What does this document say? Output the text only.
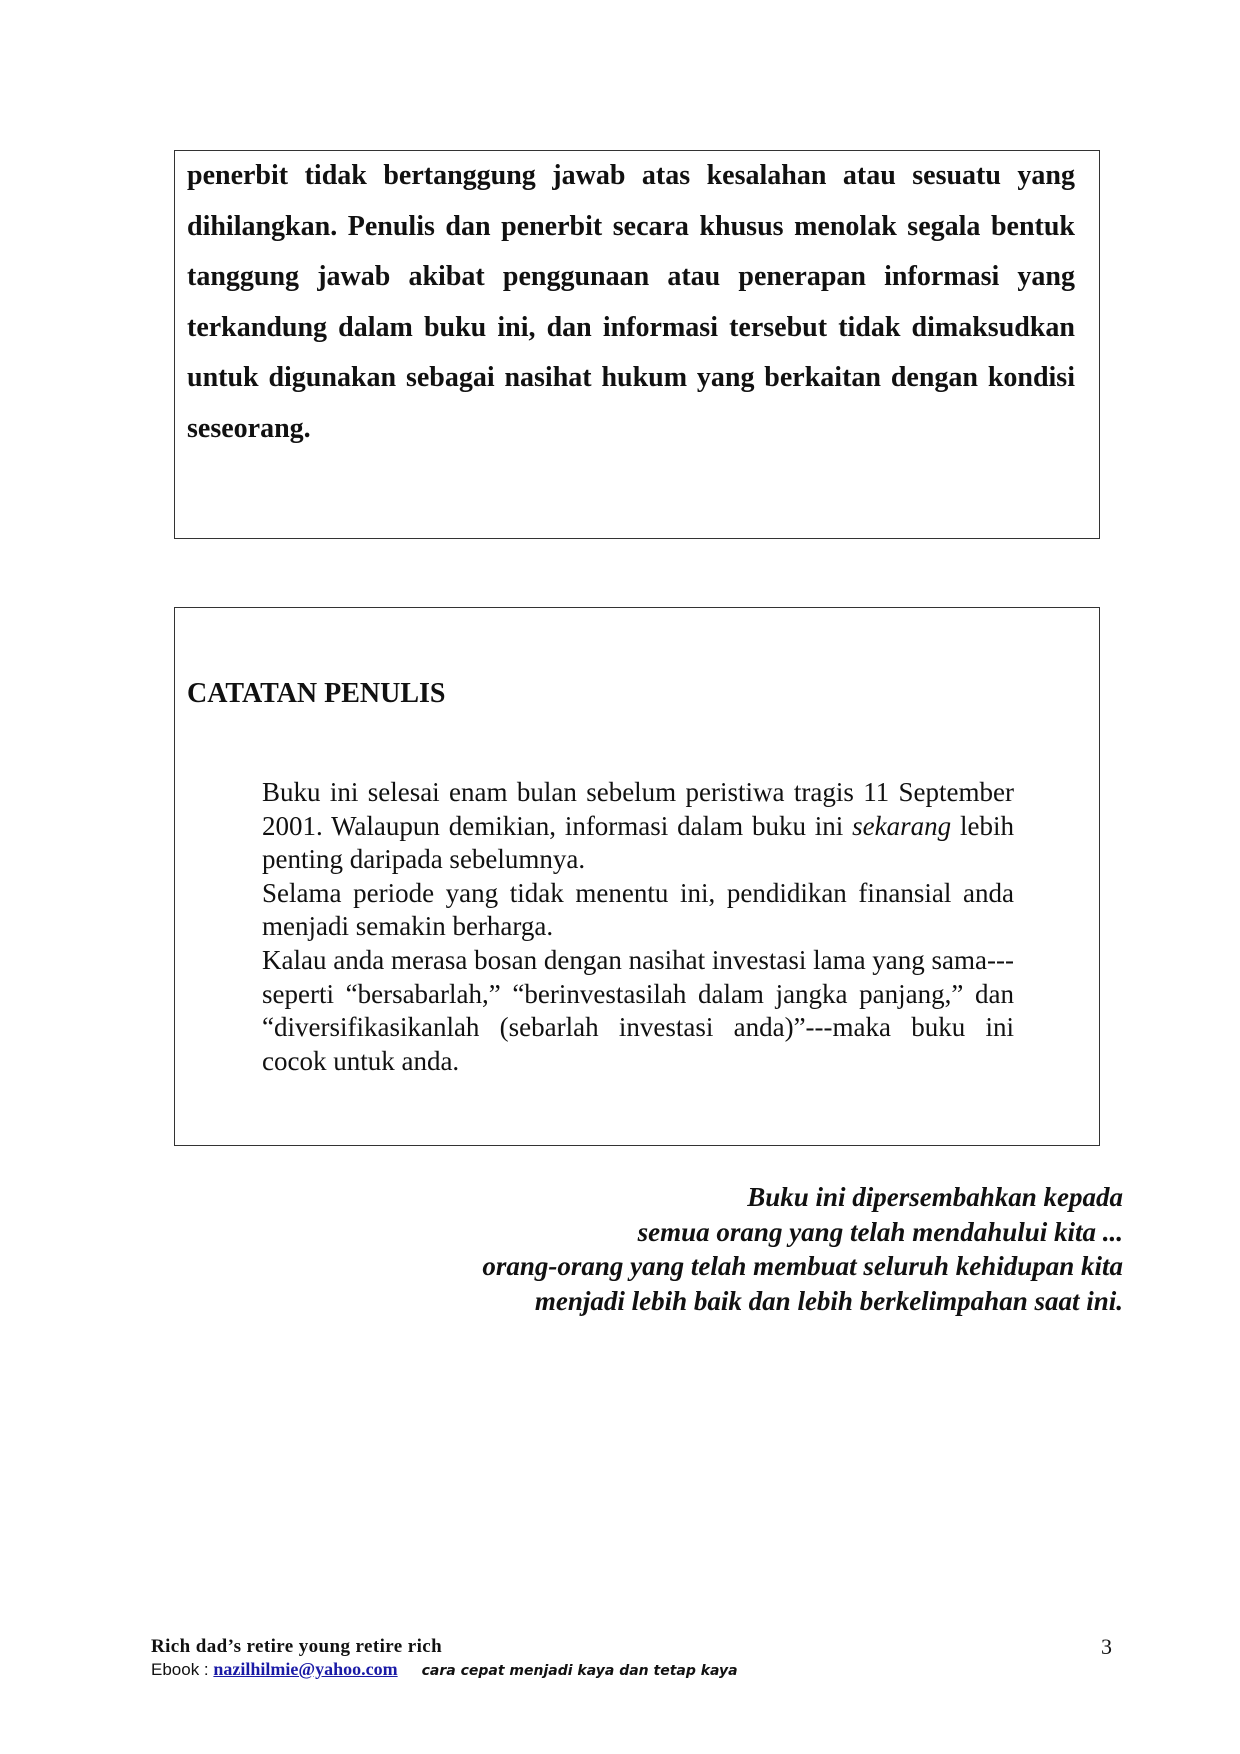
penerbit tidak bertanggung jawab atas kesalahan atau sesuatu yang dihilangkan. Penulis dan penerbit secara khusus menolak segala bentuk tanggung jawab akibat penggunaan atau penerapan informasi yang terkandung dalam buku ini, dan informasi tersebut tidak dimaksudkan untuk digunakan sebagai nasihat hukum yang berkaitan dengan kondisi seseorang.

CATATAN PENULIS

Buku ini selesai enam bulan sebelum peristiwa tragis 11 September 2001. Walaupun demikian, informasi dalam buku ini sekarang lebih penting daripada sebelumnya.

Selama periode yang tidak menentu ini, pendidikan finansial anda menjadi semakin berharga.

Kalau anda merasa bosan dengan nasihat investasi lama yang sama---seperti “bersabarlah,” “berinvestasilah dalam jangka panjang,” dan “diversifikasikanlah (sebarlah investasi anda)”---maka buku ini cocok untuk anda.

Buku ini dipersembahkan kepada
semua orang yang telah mendahului kita ...
orang-orang yang telah membuat seluruh kehidupan kita
menjadi lebih baik dan lebih berkelimpahan saat ini.
Rich dad’s retire young retire rich
Ebook : nazilhilmie@yahoo.com cara cepat menjadi kaya dan tetap kaya
3
